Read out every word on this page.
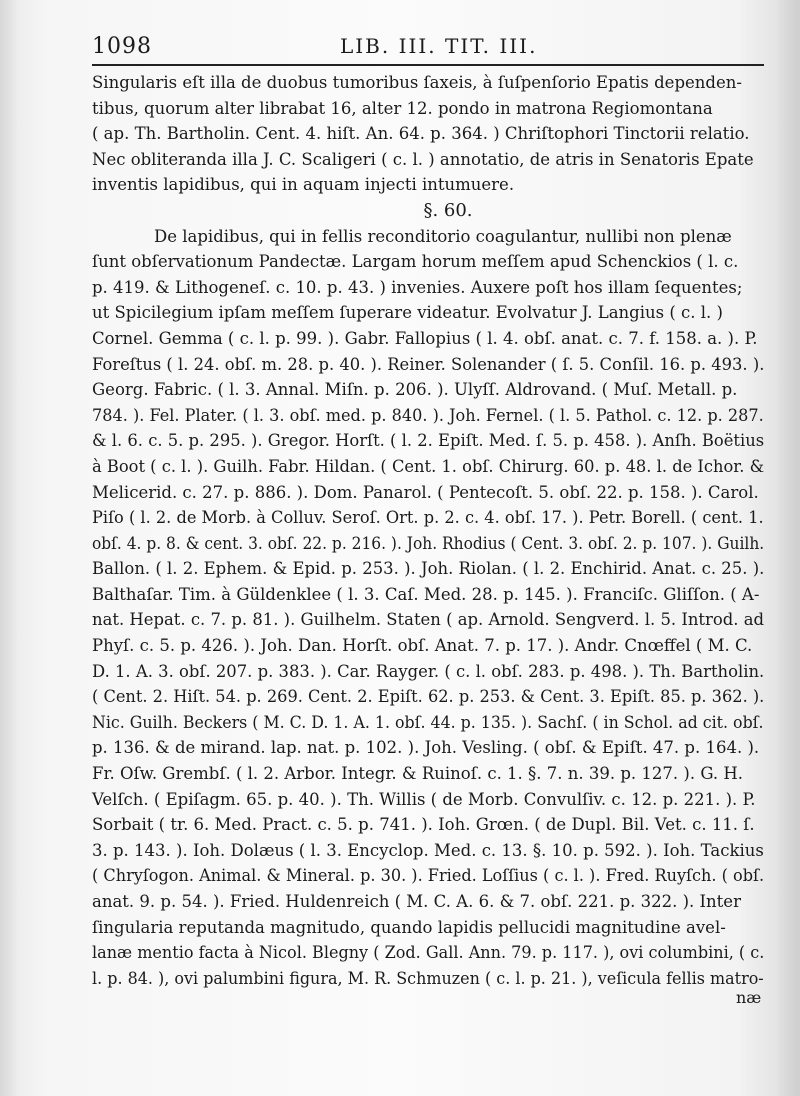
1098	LIB. III. TIT. III.
Singularis eſt illa de duobus tumoribus ſaxeis, à ſuſpenſorio Epatis dependen-
tibus, quorum alter librabat 16, alter 12. pondo in matrona Regiomontana
( ap. Th. Bartholin. Cent. 4. hiſt. An. 64. p. 364. ) Chriſtophori Tinctorii relatio.
Nec obliteranda illa J. C. Scaligeri ( c. l. ) annotatio, de atris in Senatoris Epate
inventis lapidibus, qui in aquam injecti intumuere.
§. 60.
De lapidibus, qui in fellis reconditorio coagulantur, nullibi non plenæ
ſunt obſervationum Pandectæ. Largam horum meſſem apud Schenckios ( l. c.
p. 419. & Lithogeneſ. c. 10. p. 43. ) invenies. Auxere poſt hos illam ſequentes;
ut Spicilegium ipſam meſſem ſuperare videatur. Evolvatur J. Langius ( c. l. )
Cornel. Gemma ( c. l. p. 99. ). Gabr. Fallopius ( l. 4. obſ. anat. c. 7. f. 158. a. ). P.
Foreſtus ( l. 24. obſ. m. 28. p. 40. ). Reiner. Solenander ( ſ. 5. Conſil. 16. p. 493. ).
Georg. Fabric. ( l. 3. Annal. Miſn. p. 206. ). Ulyſſ. Aldrovand. ( Muſ. Metall. p.
784. ). Fel. Plater. ( l. 3. obſ. med. p. 840. ). Joh. Fernel. ( l. 5. Pathol. c. 12. p. 287.
& l. 6. c. 5. p. 295. ). Gregor. Horſt. ( l. 2. Epiſt. Med. ſ. 5. p. 458. ). Anſh. Boëtius
à Boot ( c. l. ). Guilh. Fabr. Hildan. ( Cent. 1. obſ. Chirurg. 60. p. 48. l. de Ichor. &
Melicerid. c. 27. p. 886. ). Dom. Panarol. ( Pentecoſt. 5. obſ. 22. p. 158. ). Carol.
Piſo ( l. 2. de Morb. à Colluv. Seroſ. Ort. p. 2. c. 4. obſ. 17. ). Petr. Borell. ( cent. 1.
obſ. 4. p. 8. & cent. 3. obſ. 22. p. 216. ). Joh. Rhodius ( Cent. 3. obſ. 2. p. 107. ). Guilh.
Ballon. ( l. 2. Ephem. & Epid. p. 253. ). Joh. Riolan. ( l. 2. Enchirid. Anat. c. 25. ).
Balthaſar. Tim. à Güldenklee ( l. 3. Caſ. Med. 28. p. 145. ). Franciſc. Gliſſon. ( A-
nat. Hepat. c. 7. p. 81. ). Guilhelm. Staten ( ap. Arnold. Sengverd. l. 5. Introd. ad
Phyſ. c. 5. p. 426. ). Joh. Dan. Horſt. obſ. Anat. 7. p. 17. ). Andr. Cnœffel ( M. C.
D. 1. A. 3. obſ. 207. p. 383. ). Car. Rayger. ( c. l. obſ. 283. p. 498. ). Th. Bartholin.
( Cent. 2. Hiſt. 54. p. 269. Cent. 2. Epiſt. 62. p. 253. & Cent. 3. Epiſt. 85. p. 362. ).
Nic. Guilh. Beckers ( M. C. D. 1. A. 1. obſ. 44. p. 135. ). Sachſ. ( in Schol. ad cit. obſ.
p. 136. & de mirand. lap. nat. p. 102. ). Joh. Vesling. ( obſ. & Epiſt. 47. p. 164. ).
Fr. Oſw. Grembſ. ( l. 2. Arbor. Integr. & Ruinoſ. c. 1. §. 7. n. 39. p. 127. ). G. H.
Velſch. ( Epiſagm. 65. p. 40. ). Th. Willis ( de Morb. Convulſiv. c. 12. p. 221. ). P.
Sorbait ( tr. 6. Med. Pract. c. 5. p. 741. ). Ioh. Grœn. ( de Dupl. Bil. Vet. c. 11. ſ.
3. p. 143. ). Ioh. Dolæus ( l. 3. Encyclop. Med. c. 13. §. 10. p. 592. ). Ioh. Tackius
( Chryſogon. Animal. & Mineral. p. 30. ). Fried. Loſſius ( c. l. ). Fred. Ruyſch. ( obſ.
anat. 9. p. 54. ). Fried. Huldenreich ( M. C. A. 6. & 7. obſ. 221. p. 322. ). Inter
ſingularia reputanda magnitudo, quando lapidis pellucidi magnitudine avel-
lanæ mentio facta à Nicol. Blegny ( Zod. Gall. Ann. 79. p. 117. ), ovi columbini, ( c.
l. p. 84. ), ovi palumbini figura, M. R. Schmuzen ( c. l. p. 21. ), veſicula fellis matro-
næ
